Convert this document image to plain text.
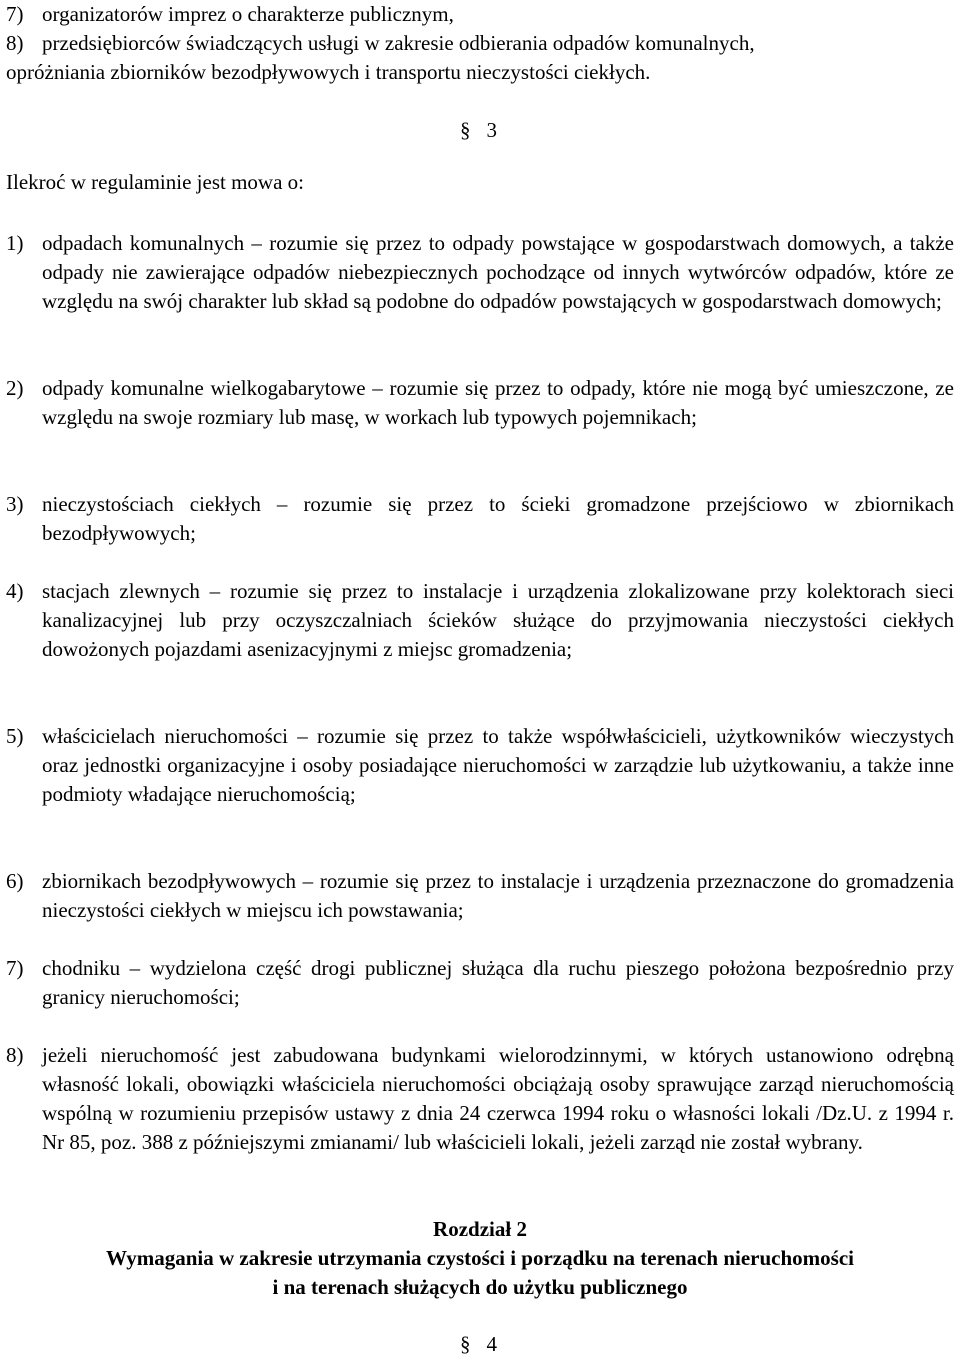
7) organizatorów imprez o charakterze publicznym,
8) przedsiębiorców świadczących usługi w zakresie odbierania odpadów komunalnych,
opróżniania zbiorników bezodpływowych i transportu nieczystości ciekłych.
§ 3
Ilekroć w regulaminie jest mowa o:
1) odpadach komunalnych – rozumie się przez to odpady powstające w gospodarstwach domowych, a także odpady nie zawierające odpadów niebezpiecznych pochodzące od innych wytwórców odpadów, które ze względu na swój charakter lub skład są podobne do odpadów powstających w gospodarstwach domowych;
2) odpady komunalne wielkogabarytowe – rozumie się przez to odpady, które nie mogą być umieszczone, ze względu na swoje rozmiary lub masę, w workach lub typowych pojemnikach;
3) nieczystościach ciekłych – rozumie się przez to ścieki gromadzone przejściowo w zbiornikach bezodpływowych;
4) stacjach zlewnych – rozumie się przez to instalacje i urządzenia zlokalizowane przy kolektorach sieci kanalizacyjnej lub przy oczyszczalniach ścieków służące do przyjmowania nieczystości ciekłych dowożonych pojazdami asenizacyjnymi z miejsc gromadzenia;
5) właścicielach nieruchomości – rozumie się przez to także współwłaścicieli, użytkowników wieczystych oraz jednostki organizacyjne i osoby posiadające nieruchomości w zarządzie lub użytkowaniu, a także inne podmioty władające nieruchomością;
6) zbiornikach bezodpływowych – rozumie się przez to instalacje i urządzenia przeznaczone do gromadzenia nieczystości ciekłych w miejscu ich powstawania;
7) chodniku – wydzielona część drogi publicznej służąca dla ruchu pieszego położona bezpośrednio przy granicy nieruchomości;
8) jeżeli nieruchomość jest zabudowana budynkami wielorodzinnymi, w których ustanowiono odrębną własność lokali, obowiązki właściciela nieruchomości obciążają osoby sprawujące zarząd nieruchomością wspólną w rozumieniu przepisów ustawy z dnia 24 czerwca 1994 roku o własności lokali /Dz.U. z 1994 r. Nr 85, poz. 388 z późniejszymi zmianami/ lub właścicieli lokali, jeżeli zarząd nie został wybrany.
Rozdział 2
Wymagania w zakresie utrzymania czystości i porządku na terenach nieruchomości
i na terenach służących do użytku publicznego
§ 4
